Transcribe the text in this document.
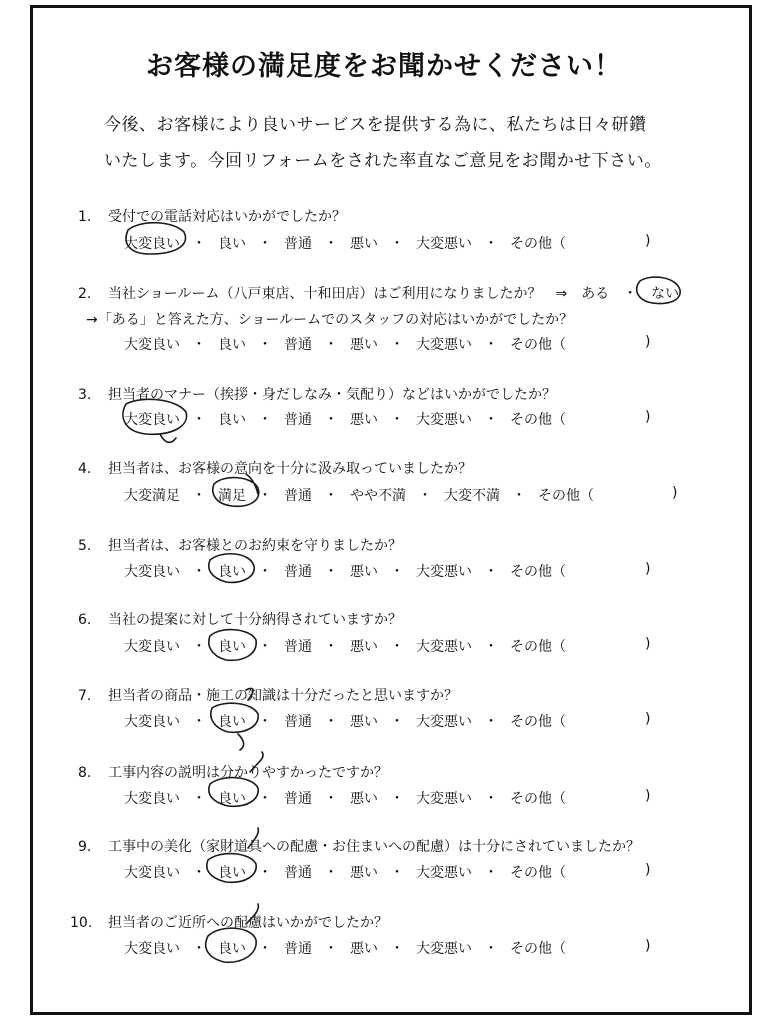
お客様の満足度をお聞かせください！
今後、お客様により良いサービスを提供する為に、私たちは日々研鑽
いたします。今回リフォームをされた率直なご意見をお聞かせ下さい。
1. 受付での電話対応はいかがでしたか？
大変良い ・ 良い ・ 普通 ・ 悪い ・ 大変悪い ・ その他（	)
2. 当社ショールーム（八戸東店、十和田店）はご利用になりましたか？　⇒　ある　・　ない
→「ある」と答えた方、ショールームでのスタッフの対応はいかがでしたか？
大変良い ・ 良い ・ 普通 ・ 悪い ・ 大変悪い ・ その他（	)
3. 担当者のマナー（挨拶・身だしなみ・気配り）などはいかがでしたか？
大変良い ・ 良い ・ 普通 ・ 悪い ・ 大変悪い ・ その他（	)
4. 担当者は、お客様の意向を十分に汲み取っていましたか？
大変満足 ・ 満足 ・ 普通 ・ やや不満 ・ 大変不満 ・ その他（	)
5. 担当者は、お客様とのお約束を守りましたか？
大変良い ・ 良い ・ 普通 ・ 悪い ・ 大変悪い ・ その他（	)
6. 当社の提案に対して十分納得されていますか？
大変良い ・ 良い ・ 普通 ・ 悪い ・ 大変悪い ・ その他（	)
7. 担当者の商品・施工の知識は十分だったと思いますか？
大変良い ・ 良い ・ 普通 ・ 悪い ・ 大変悪い ・ その他（	)
8. 工事内容の説明は分かりやすかったですか？
大変良い ・ 良い ・ 普通 ・ 悪い ・ 大変悪い ・ その他（	)
9. 工事中の美化（家財道具への配慮・お住まいへの配慮）は十分にされていましたか？
大変良い ・ 良い ・ 普通 ・ 悪い ・ 大変悪い ・ その他（	)
10. 担当者のご近所への配慮はいかがでしたか？
大変良い ・ 良い ・ 普通 ・ 悪い ・ 大変悪い ・ その他（	)
